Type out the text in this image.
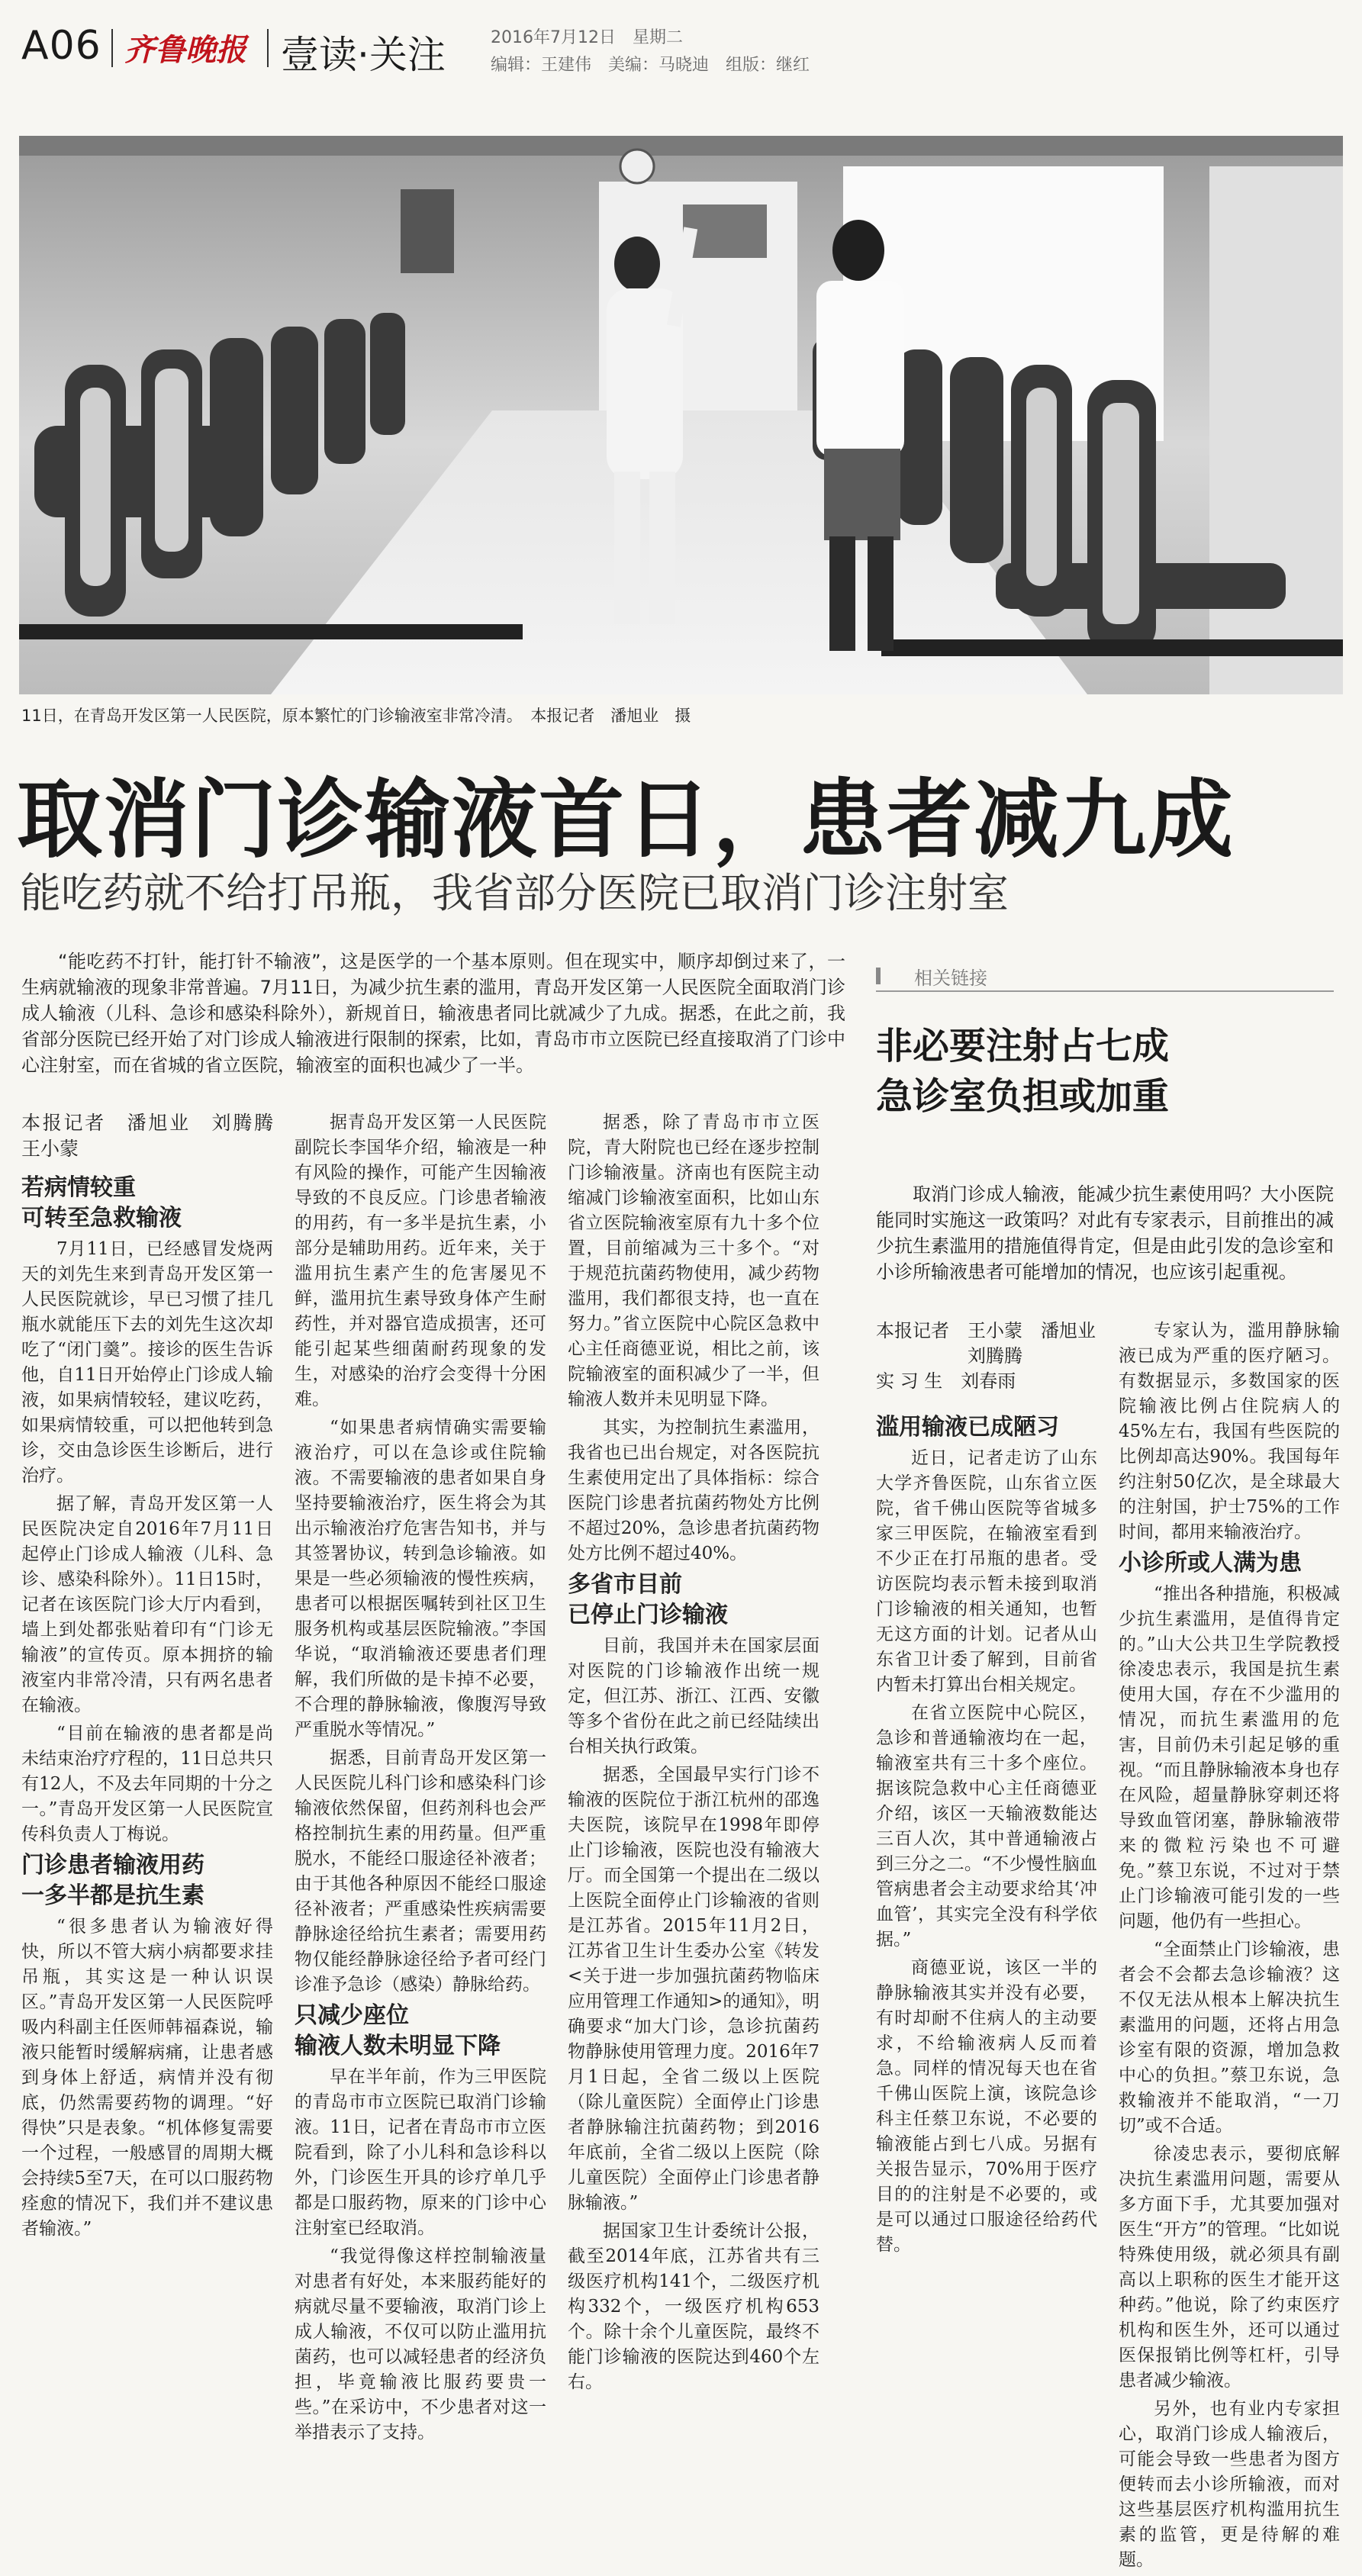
A06 齐鲁晚报 壹读·关注	2016年7月12日　星期二
编辑：王建伟　美编：马晓迪　组版：继红
11日，在青岛开发区第一人民医院，原本繁忙的门诊输液室非常冷清。　本报记者　潘旭业　摄
取消门诊输液首日，患者减九成
能吃药就不给打吊瓶，我省部分医院已取消门诊注射室
“能吃药不打针，能打针不输液”，这是医学的一个基本原则。但在现实中，顺序却倒过来了，一生病就输液的现象非常普遍。7月11日，为减少抗生素的滥用，青岛开发区第一人民医院全面取消门诊成人输液（儿科、急诊和感染科除外），新规首日，输液患者同比就减少了九成。据悉，在此之前，我省部分医院已经开始了对门诊成人输液进行限制的探索，比如，青岛市市立医院已经直接取消了门诊中心注射室，而在省城的省立医院，输液室的面积也减少了一半。

本报记者　潘旭业　刘腾腾　王小蒙

若病情较重
可转至急救输液

7月11日，已经感冒发烧两天的刘先生来到青岛开发区第一人民医院就诊，早已习惯了挂几瓶水就能压下去的刘先生这次却吃了“闭门羹”。接诊的医生告诉他，自11日开始停止门诊成人输液，如果病情较轻，建议吃药，如果病情较重，可以把他转到急诊，交由急诊医生诊断后，进行治疗。

据了解，青岛开发区第一人民医院决定自2016年7月11日起停止门诊成人输液（儿科、急诊、感染科除外）。11日15时，记者在该医院门诊大厅内看到，墙上到处都张贴着印有“门诊无输液”的宣传页。原本拥挤的输液室内非常冷清，只有两名患者在输液。

“目前在输液的患者都是尚未结束治疗疗程的，11日总共只有12人，不及去年同期的十分之一。”青岛开发区第一人民医院宣传科负责人丁梅说。

门诊患者输液用药
一多半都是抗生素

“很多患者认为输液好得快，所以不管大病小病都要求挂吊瓶，其实这是一种认识误区。”青岛开发区第一人民医院呼吸内科副主任医师韩福森说，输液只能暂时缓解病痛，让患者感到身体上舒适，病情并没有彻底，仍然需要药物的调理。“好得快”只是表象。“机体修复需要一个过程，一般感冒的周期大概会持续5至7天，在可以口服药物痊愈的情况下，我们并不建议患者输液。”

据青岛开发区第一人民医院副院长李国华介绍，输液是一种有风险的操作，可能产生因输液导致的不良反应。门诊患者输液的用药，有一多半是抗生素，小部分是辅助用药。近年来，关于滥用抗生素产生的危害屡见不鲜，滥用抗生素导致身体产生耐药性，并对器官造成损害，还可能引起某些细菌耐药现象的发生，对感染的治疗会变得十分困难。

“如果患者病情确实需要输液治疗，可以在急诊或住院输液。不需要输液的患者如果自身坚持要输液治疗，医生将会为其出示输液治疗危害告知书，并与其签署协议，转到急诊输液。如果是一些必须输液的慢性疾病，患者可以根据医嘱转到社区卫生服务机构或基层医院输液。”李国华说，“取消输液还要患者们理解，我们所做的是卡掉不必要，不合理的静脉输液，像腹泻导致严重脱水等情况。”

据悉，目前青岛开发区第一人民医院儿科门诊和感染科门诊输液依然保留，但药剂科也会严格控制抗生素的用药量。但严重脱水，不能经口服途径补液者；由于其他各种原因不能经口服途径补液者；严重感染性疾病需要静脉途径给抗生素者；需要用药物仅能经静脉途径给予者可经门诊准予急诊（感染）静脉给药。

只减少座位
输液人数未明显下降

早在半年前，作为三甲医院的青岛市市立医院已取消门诊输液。11日，记者在青岛市市立医院看到，除了小儿科和急诊科以外，门诊医生开具的诊疗单几乎都是口服药物，原来的门诊中心注射室已经取消。

“我觉得像这样控制输液量对患者有好处，本来服药能好的病就尽量不要输液，取消门诊上成人输液，不仅可以防止滥用抗菌药，也可以减轻患者的经济负担，毕竟输液比服药要贵一些。”在采访中，不少患者对这一举措表示了支持。

据悉，除了青岛市市立医院，青大附院也已经在逐步控制门诊输液量。济南也有医院主动缩减门诊输液室面积，比如山东省立医院输液室原有九十多个位置，目前缩减为三十多个。“对于规范抗菌药物使用，减少药物滥用，我们都很支持，也一直在努力。”省立医院中心院区急救中心主任商德亚说，相比之前，该院输液室的面积减少了一半，但输液人数并未见明显下降。

其实，为控制抗生素滥用，我省也已出台规定，对各医院抗生素使用定出了具体指标：综合医院门诊患者抗菌药物处方比例不超过20%，急诊患者抗菌药物处方比例不超过40%。

多省市目前
已停止门诊输液

目前，我国并未在国家层面对医院的门诊输液作出统一规定，但江苏、浙江、江西、安徽等多个省份在此之前已经陆续出台相关执行政策。

据悉，全国最早实行门诊不输液的医院位于浙江杭州的邵逸夫医院，该院早在1998年即停止门诊输液，医院也没有输液大厅。而全国第一个提出在二级以上医院全面停止门诊输液的省则是江苏省。2015年11月2日，江苏省卫生计生委办公室《转发<关于进一步加强抗菌药物临床应用管理工作通知>的通知》，明确要求“加大门诊，急诊抗菌药物静脉使用管理力度。2016年7月1日起，全省二级以上医院（除儿童医院）全面停止门诊患者静脉输注抗菌药物；到2016年底前，全省二级以上医院（除儿童医院）全面停止门诊患者静脉输液。”

据国家卫生计委统计公报，截至2014年底，江苏省共有三级医疗机构141个，二级医疗机构332个，一级医疗机构653个。除十余个儿童医院，最终不能门诊输液的医院达到460个左右。

相关链接
非必要注射占七成
急诊室负担或加重
取消门诊成人输液，能减少抗生素使用吗？大小医院能同时实施这一政策吗？对此有专家表示，目前推出的减少抗生素滥用的措施值得肯定，但是由此引发的急诊室和小诊所输液患者可能增加的情况，也应该引起重视。

本报记者　王小蒙　潘旭业
　　　　　刘腾腾
实 习 生　刘春雨

滥用输液已成陋习

近日，记者走访了山东大学齐鲁医院，山东省立医院，省千佛山医院等省城多家三甲医院，在输液室看到不少正在打吊瓶的患者。受访医院均表示暂未接到取消门诊输液的相关通知，也暂无这方面的计划。记者从山东省卫计委了解到，目前省内暂未打算出台相关规定。

在省立医院中心院区，急诊和普通输液均在一起，输液室共有三十多个座位。据该院急救中心主任商德亚介绍，该区一天输液数能达三百人次，其中普通输液占到三分之二。“不少慢性脑血管病患者会主动要求给其‘冲血管’，其实完全没有科学依据。”

商德亚说，该区一半的静脉输液其实并没有必要，有时却耐不住病人的主动要求，不给输液病人反而着急。同样的情况每天也在省千佛山医院上演，该院急诊科主任蔡卫东说，不必要的输液能占到七八成。另据有关报告显示，70%用于医疗目的的注射是不必要的，或是可以通过口服途径给药代替。

专家认为，滥用静脉输液已成为严重的医疗陋习。有数据显示，多数国家的医院输液比例占住院病人的45%左右，我国有些医院的比例却高达90%。我国每年约注射50亿次，是全球最大的注射国，护士75%的工作时间，都用来输液治疗。

小诊所或人满为患

“推出各种措施，积极减少抗生素滥用，是值得肯定的。”山大公共卫生学院教授徐凌忠表示，我国是抗生素使用大国，存在不少滥用的情况，而抗生素滥用的危害，目前仍未引起足够的重视。“而且静脉输液本身也存在风险，超量静脉穿刺还将导致血管闭塞，静脉输液带来的微粒污染也不可避免。”蔡卫东说，不过对于禁止门诊输液可能引发的一些问题，他仍有一些担心。

“全面禁止门诊输液，患者会不会都去急诊输液？这不仅无法从根本上解决抗生素滥用的问题，还将占用急诊室有限的资源，增加急救中心的负担。”蔡卫东说，急救输液并不能取消，“一刀切”或不合适。

徐凌忠表示，要彻底解决抗生素滥用问题，需要从多方面下手，尤其要加强对医生“开方”的管理。“比如说特殊使用级，就必须具有副高以上职称的医生才能开这种药。”他说，除了约束医疗机构和医生外，还可以通过医保报销比例等杠杆，引导患者减少输液。

另外，也有业内专家担心，取消门诊成人输液后，可能会导致一些患者为图方便转而去小诊所输液，而对这些基层医疗机构滥用抗生素的监管，更是待解的难题。
